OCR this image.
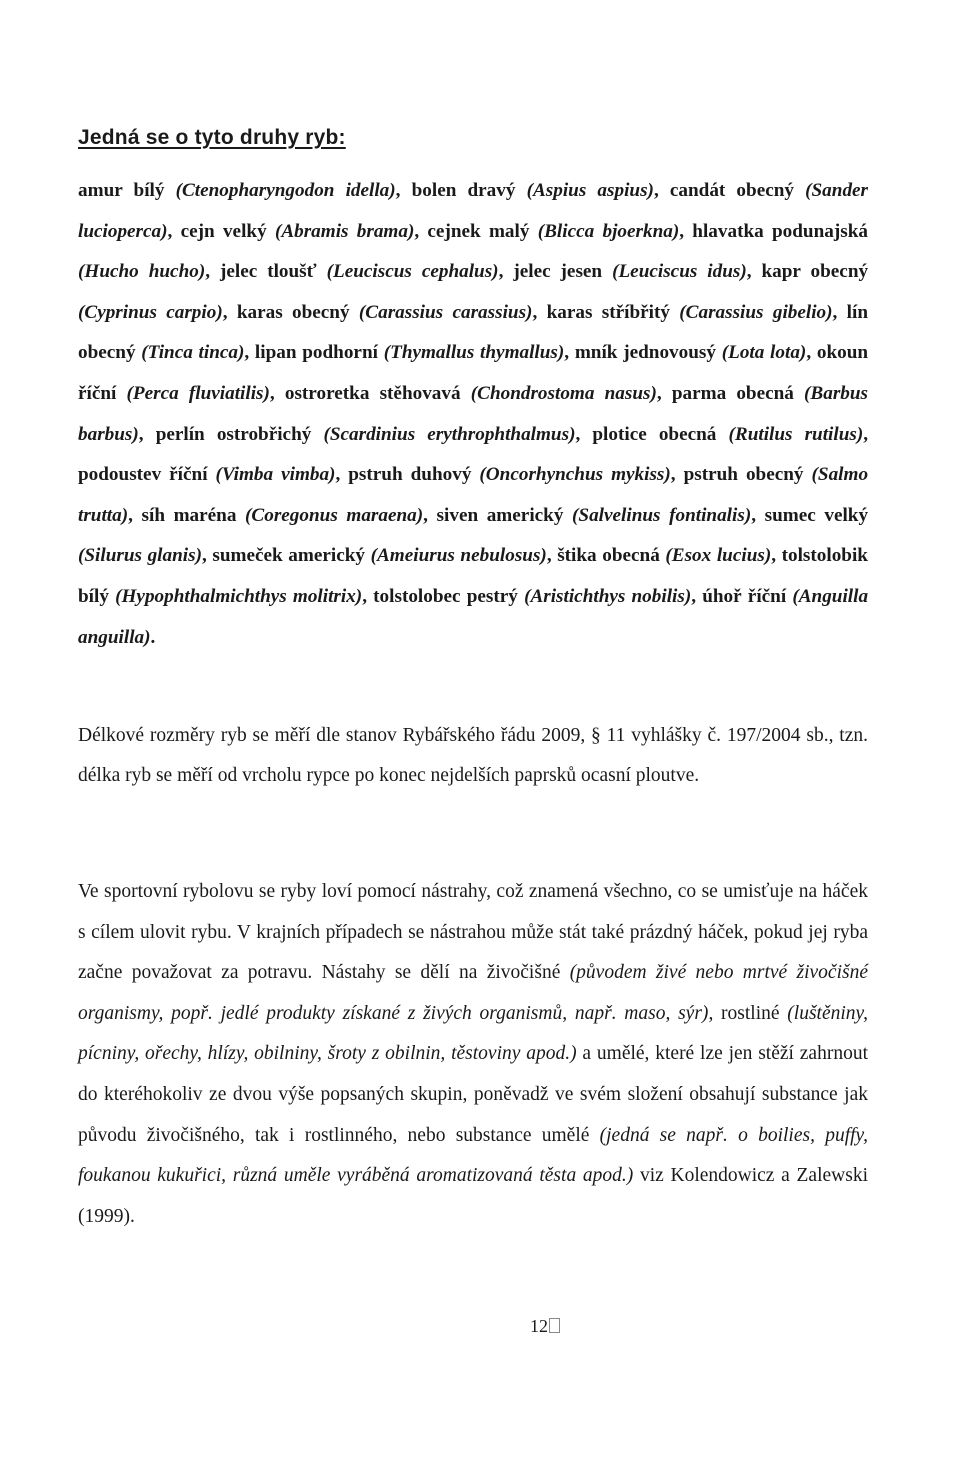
Jedná se o tyto druhy ryb:

amur bílý (Ctenopharyngodon idella), bolen dravý (Aspius aspius), candát obecný (Sander lucioperca), cejn velký (Abramis brama), cejnek malý (Blicca bjoerkna), hlavatka podunajská (Hucho hucho), jelec tloušť (Leuciscus cephalus), jelec jesen (Leuciscus idus), kapr obecný (Cyprinus carpio), karas obecný (Carassius carassius), karas stříbřitý (Carassius gibelio), lín obecný (Tinca tinca), lipan podhorní (Thymallus thymallus), mník jednovousý (Lota lota), okoun říční (Perca fluviatilis), ostroretka stěhovavá (Chondrostoma nasus), parma obecná (Barbus barbus), perlín ostrobřichý (Scardinius erythrophthalmus), plotice obecná (Rutilus rutilus), podoustev říční (Vimba vimba), pstruh duhový (Oncorhynchus mykiss), pstruh obecný (Salmo trutta), síh maréna (Coregonus maraena), siven americký (Salvelinus fontinalis), sumec velký (Silurus glanis), sumeček americký (Ameiurus nebulosus), štika obecná (Esox lucius), tolstolobik bílý (Hypophthalmichthys molitrix), tolstolobec pestrý (Aristichthys nobilis), úhoř říční (Anguilla anguilla).

Délkové rozměry ryb se měří dle stanov Rybářského řádu 2009, § 11 vyhlášky č. 197/2004 sb., tzn. délka ryb se měří od vrcholu rypce po konec nejdelších paprsků ocasní ploutve.

Ve sportovní rybolovu se ryby loví pomocí nástrahy, což znamená všechno, co se umisťuje na háček s cílem ulovit rybu. V krajních případech se nástrahou může stát také prázdný háček, pokud jej ryba začne považovat za potravu. Nástahy se dělí na živočišné (původem živé nebo mrtvé živočišné organismy, popř. jedlé produkty získané z živých organismů, např. maso, sýr), rostliné (luštěniny, pícniny, ořechy, hlízy, obilniny, šroty z obilnin, těstoviny apod.) a umělé, které lze jen stěží zahrnout do kteréhokoliv ze dvou výše popsaných skupin, poněvadž ve svém složení obsahují substance jak původu živočišného, tak i rostlinného, nebo substance umělé (jedná se např. o boilies, puffy, foukanou kukuřici, různá uměle vyráběná aromatizovaná těsta apod.) viz Kolendowicz a Zalewski (1999).

12
